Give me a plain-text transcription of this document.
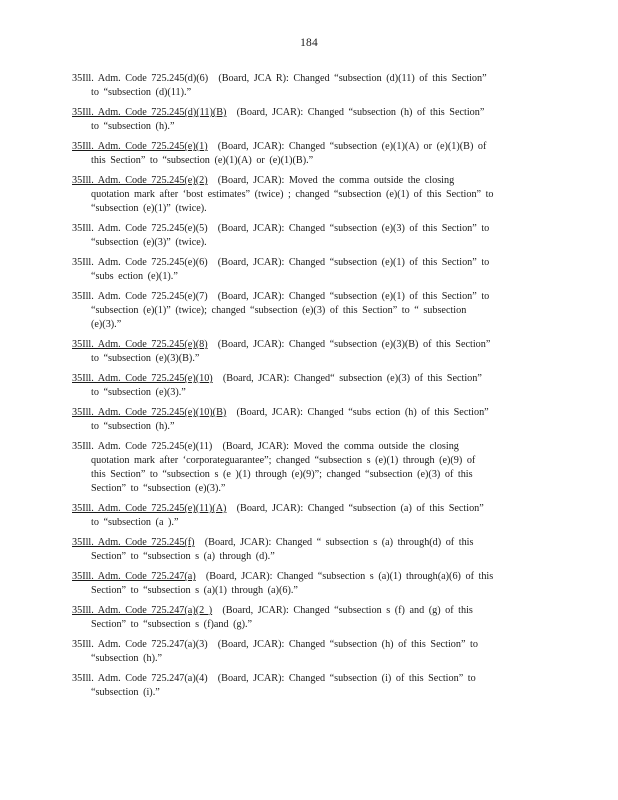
184
35Ill. Adm. Code 725.245(d)(6)  (Board, JCA R): Changed “subsection (d)(11) of this Section”
to “subsection (d)(11).”
35Ill. Adm. Code 725.245(d)(11)(B)  (Board, JCAR): Changed “subsection (h) of this Section”
to “subsection (h).”
35Ill. Adm. Code 725.245(e)(1)  (Board, JCAR): Changed “subsection (e)(1)(A) or (e)(1)(B) of
this Section” to “subsection (e)(1)(A) or (e)(1)(B).”
35Ill. Adm. Code 725.245(e)(2)  (Board, JCAR): Moved the comma outside the closing
quotation mark after ‘bost estimates” (twice) ; changed “subsection (e)(1) of this Section” to
“subsection (e)(1)” (twice).
35Ill. Adm. Code 725.245(e)(5)  (Board, JCAR): Changed “subsection (e)(3) of this Section” to
“subsection (e)(3)” (twice).
35Ill. Adm. Code 725.245(e)(6)  (Board, JCAR): Changed “subsection (e)(1) of this Section” to
“subs ection (e)(1).”
35Ill. Adm. Code 725.245(e)(7)  (Board, JCAR): Changed “subsection (e)(1) of this Section” to
“subsection (e)(1)” (twice); changed “subsection (e)(3) of this Section” to “ subsection
(e)(3).”
35Ill. Adm. Code 725.245(e)(8)  (Board, JCAR): Changed “subsection (e)(3)(B) of this Section”
to “subsection (e)(3)(B).”
35Ill. Adm. Code 725.245(e)(10)  (Board, JCAR): Changed“ subsection (e)(3) of this Section”
to “subsection (e)(3).”
35Ill. Adm. Code 725.245(e)(10)(B)  (Board, JCAR): Changed “subs ection (h) of this Section”
to “subsection (h).”
35Ill. Adm. Code 725.245(e)(11)  (Board, JCAR): Moved the comma outside the closing
quotation mark after ‘corporateguarantee”; changed “subsection s (e)(1) through (e)(9) of
this Section” to “subsection s (e )(1) through (e)(9)”; changed “subsection (e)(3) of this
Section” to “subsection (e)(3).”
35Ill. Adm. Code 725.245(e)(11)(A)  (Board, JCAR): Changed “subsection (a) of this Section”
to “subsection (a ).”
35Ill. Adm. Code 725.245(f)  (Board, JCAR): Changed “ subsection s (a) through(d) of this
Section” to “subsection s (a) through (d).”
35Ill. Adm. Code 725.247(a)  (Board, JCAR): Changed “subsection s (a)(1) through(a)(6) of this
Section” to “subsection s (a)(1) through (a)(6).”
35Ill. Adm. Code 725.247(a)(2 )  (Board, JCAR): Changed “subsection s (f) and (g) of this
Section” to “subsection s (f)and (g).”
35Ill. Adm. Code 725.247(a)(3)  (Board, JCAR): Changed “subsection (h) of this Section” to
“subsection (h).”
35Ill. Adm. Code 725.247(a)(4)  (Board, JCAR): Changed “subsection (i) of this Section” to
“subsection (i).”
